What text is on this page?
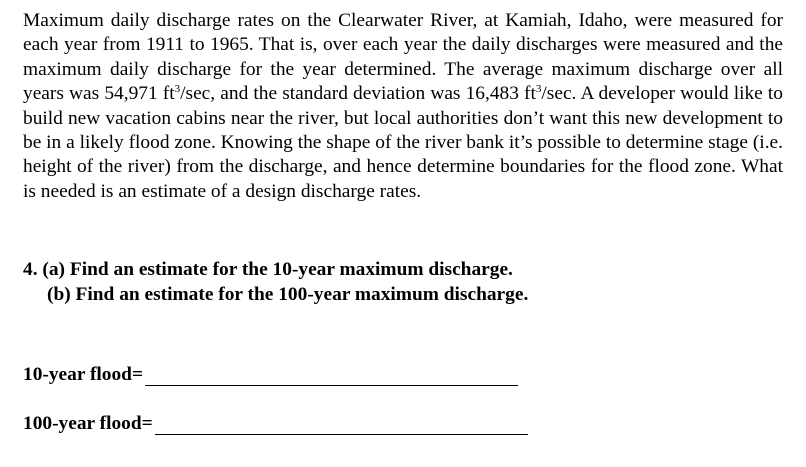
Maximum daily discharge rates on the Clearwater River, at Kamiah, Idaho, were measured for each year from 1911 to 1965. That is, over each year the daily discharges were measured and the maximum daily discharge for the year determined. The average maximum discharge over all years was 54,971 $ft^3/\sec$, and the standard deviation was 16,483 $ft^3/\sec$. A developer would like to build new vacation cabins near the river, but local authorities don’t want this new development to be in a likely flood zone. Knowing the shape of the river bank it’s possible to determine stage (i.e. height of the river) from the discharge, and hence determine boundaries for the flood zone. What is needed is an estimate of a design discharge rates.

4. (a) Find an estimate for the 10-year maximum discharge.
(b) Find an estimate for the 100-year maximum discharge.

10-year flood=
100-year flood=
